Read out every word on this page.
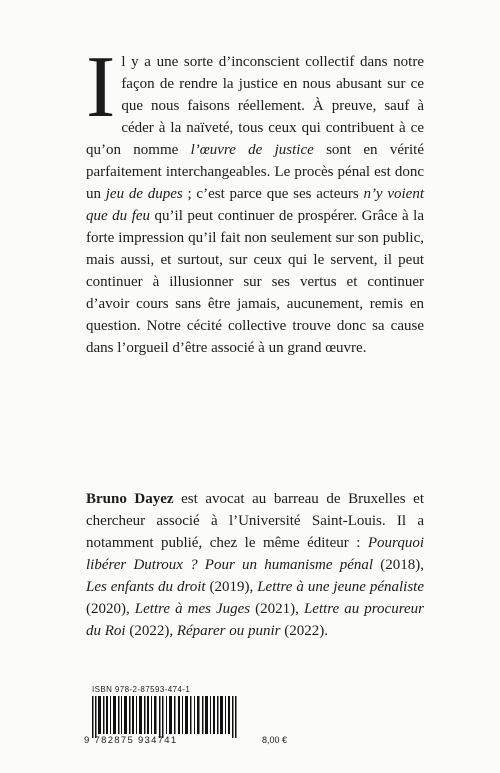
Il y a une sorte d’inconscient collectif dans notre façon de rendre la justice en nous abusant sur ce que nous faisons réellement. À preuve, sauf à céder à la naïveté, tous ceux qui contribuent à ce qu’on nomme l’œuvre de justice sont en vérité parfaitement interchangeables. Le procès pénal est donc un jeu de dupes ; c’est parce que ses acteurs n’y voient que du feu qu’il peut continuer de prospérer. Grâce à la forte impression qu’il fait non seulement sur son public, mais aussi, et surtout, sur ceux qui le servent, il peut continuer à illusionner sur ses vertus et continuer d’avoir cours sans être jamais, aucunement, remis en question. Notre cécité collective trouve donc sa cause dans l’orgueil d’être associé à un grand œuvre.
Bruno Dayez est avocat au barreau de Bruxelles et chercheur associé à l’Université Saint-Louis. Il a notamment publié, chez le même éditeur : Pourquoi libérer Dutroux ? Pour un humanisme pénal (2018), Les enfants du droit (2019), Lettre à une jeune pénaliste (2020), Lettre à mes Juges (2021), Lettre au procureur du Roi (2022), Réparer ou punir (2022).
ISBN 978-2-87593-474-1
9 782875 934741	8,00 €
